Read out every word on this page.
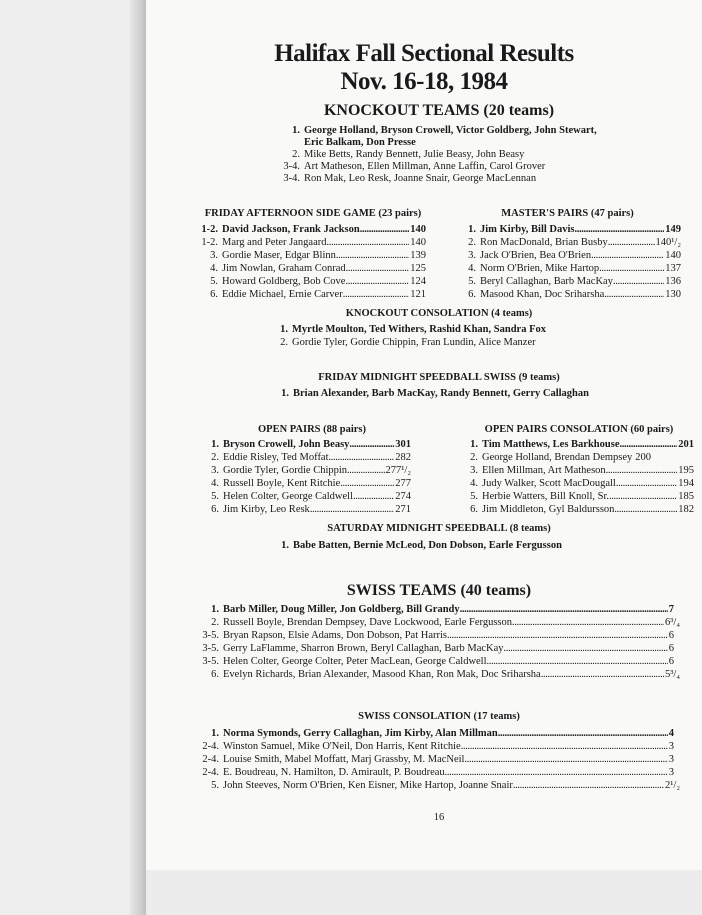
Halifax Fall Sectional Results
Nov. 16-18, 1984
KNOCKOUT TEAMS (20 teams)
1. George Holland, Bryson Crowell, Victor Goldberg, John Stewart,
Eric Balkam, Don Presse
2. Mike Betts, Randy Bennett, Julie Beasy, John Beasy
3-4. Art Matheson, Ellen Millman, Anne Laffin, Carol Grover
3-4. Ron Mak, Leo Resk, Joanne Snair, George MacLennan
FRIDAY AFTERNOON SIDE GAME (23 pairs)
1-2. David Jackson, Frank Jackson . . .	140
1-2. Marg and Peter Jangaard . . .	140
3. Gordie Maser, Edgar Blinn . . .	139
4. Jim Nowlan, Graham Conrad . . .	125
5. Howard Goldberg, Bob Cove . . .	124
6. Eddie Michael, Ernie Carver . . .	121
MASTER'S PAIRS (47 pairs)
1. Jim Kirby, Bill Davis . . .	149
2. Ron MacDonald, Brian Busby . . .	140¹/₂
3. Jack O'Brien, Bea O'Brien . . .	140
4. Norm O'Brien, Mike Hartop . . .	137
5. Beryl Callaghan, Barb MacKay . . .	136
6. Masood Khan, Doc Sriharsha . . .	130
KNOCKOUT CONSOLATION (4 teams)
1. Myrtle Moulton, Ted Withers, Rashid Khan, Sandra Fox
2. Gordie Tyler, Gordie Chippin, Fran Lundin, Alice Manzer
FRIDAY MIDNIGHT SPEEDBALL SWISS (9 teams)
1. Brian Alexander, Barb MacKay, Randy Bennett, Gerry Callaghan
OPEN PAIRS (88 pairs)
1. Bryson Crowell, John Beasy . . .	301
2. Eddie Risley, Ted Moffat . . .	282
3. Gordie Tyler, Gordie Chippin . . .	277¹/₂
4. Russell Boyle, Kent Ritchie . . .	277
5. Helen Colter, George Caldwell . . .	274
6. Jim Kirby, Leo Resk . . .	271
OPEN PAIRS CONSOLATION (60 pairs)
1. Tim Matthews, Les Barkhouse . . .	201
2. George Holland, Brendan Dempsey 200
3. Ellen Millman, Art Matheson . . .	195
4. Judy Walker, Scott MacDougall . . .	194
5. Herbie Watters, Bill Knoll, Sr. . . .	185
6. Jim Middleton, Gyl Baldursson . . .	182
SATURDAY MIDNIGHT SPEEDBALL (8 teams)
1. Babe Batten, Bernie McLeod, Don Dobson, Earle Fergusson
SWISS TEAMS (40 teams)
1. Barb Miller, Doug Miller, Jon Goldberg, Bill Grandy . . .	7
2. Russell Boyle, Brendan Dempsey, Dave Lockwood, Earle Fergusson . . .	6³/₄
3-5. Bryan Rapson, Elsie Adams, Don Dobson, Pat Harris . . .	6
3-5. Gerry LaFlamme, Sharron Brown, Beryl Callaghan, Barb MacKay . . .	6
3-5. Helen Colter, George Colter, Peter MacLean, George Caldwell . . .	6
6. Evelyn Richards, Brian Alexander, Masood Khan, Ron Mak, Doc Sriharsha . . .	5³/₄
SWISS CONSOLATION (17 teams)
1. Norma Symonds, Gerry Callaghan, Jim Kirby, Alan Millman . . .	4
2-4. Winston Samuel, Mike O'Neil, Don Harris, Kent Ritchie . . .	3
2-4. Louise Smith, Mabel Moffatt, Marj Grassby, M. MacNeil . . .	3
2-4. E. Boudreau, N. Hamilton, D. Amirault, P. Boudreau . . .	3
5. John Steeves, Norm O'Brien, Ken Eisner, Mike Hartop, Joanne Snair . . .	2¹/₂
16
